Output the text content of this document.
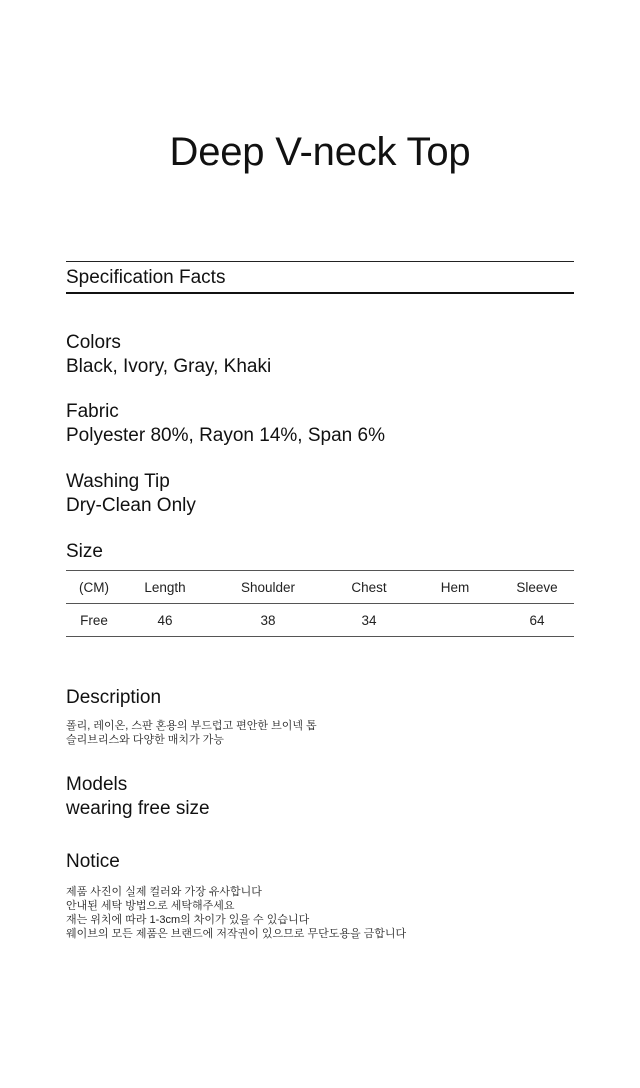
Deep V-neck Top
Specification Facts

Colors

Black, Ivory, Gray, Khaki

Fabric

Polyester 80%, Rayon 14%, Span 6%

Washing Tip

Dry-Clean Only

Size
(CM)	Length	Shoulder	Chest	Hem	Sleeve
Free	46	38	34		64

Description

폴리, 레이온, 스판 혼용의 부드럽고 편안한 브이넥 톱

슬리브리스와 다양한 매치가 가능

Models

wearing free size

Notice

제품 사진이 실제 컬러와 가장 유사합니다

안내된 세탁 방법으로 세탁해주세요

재는 위치에 따라 1-3cm의 차이가 있을 수 있습니다

웨이브의 모든 제품은 브랜드에 저작권이 있으므로 무단도용을 금합니다
